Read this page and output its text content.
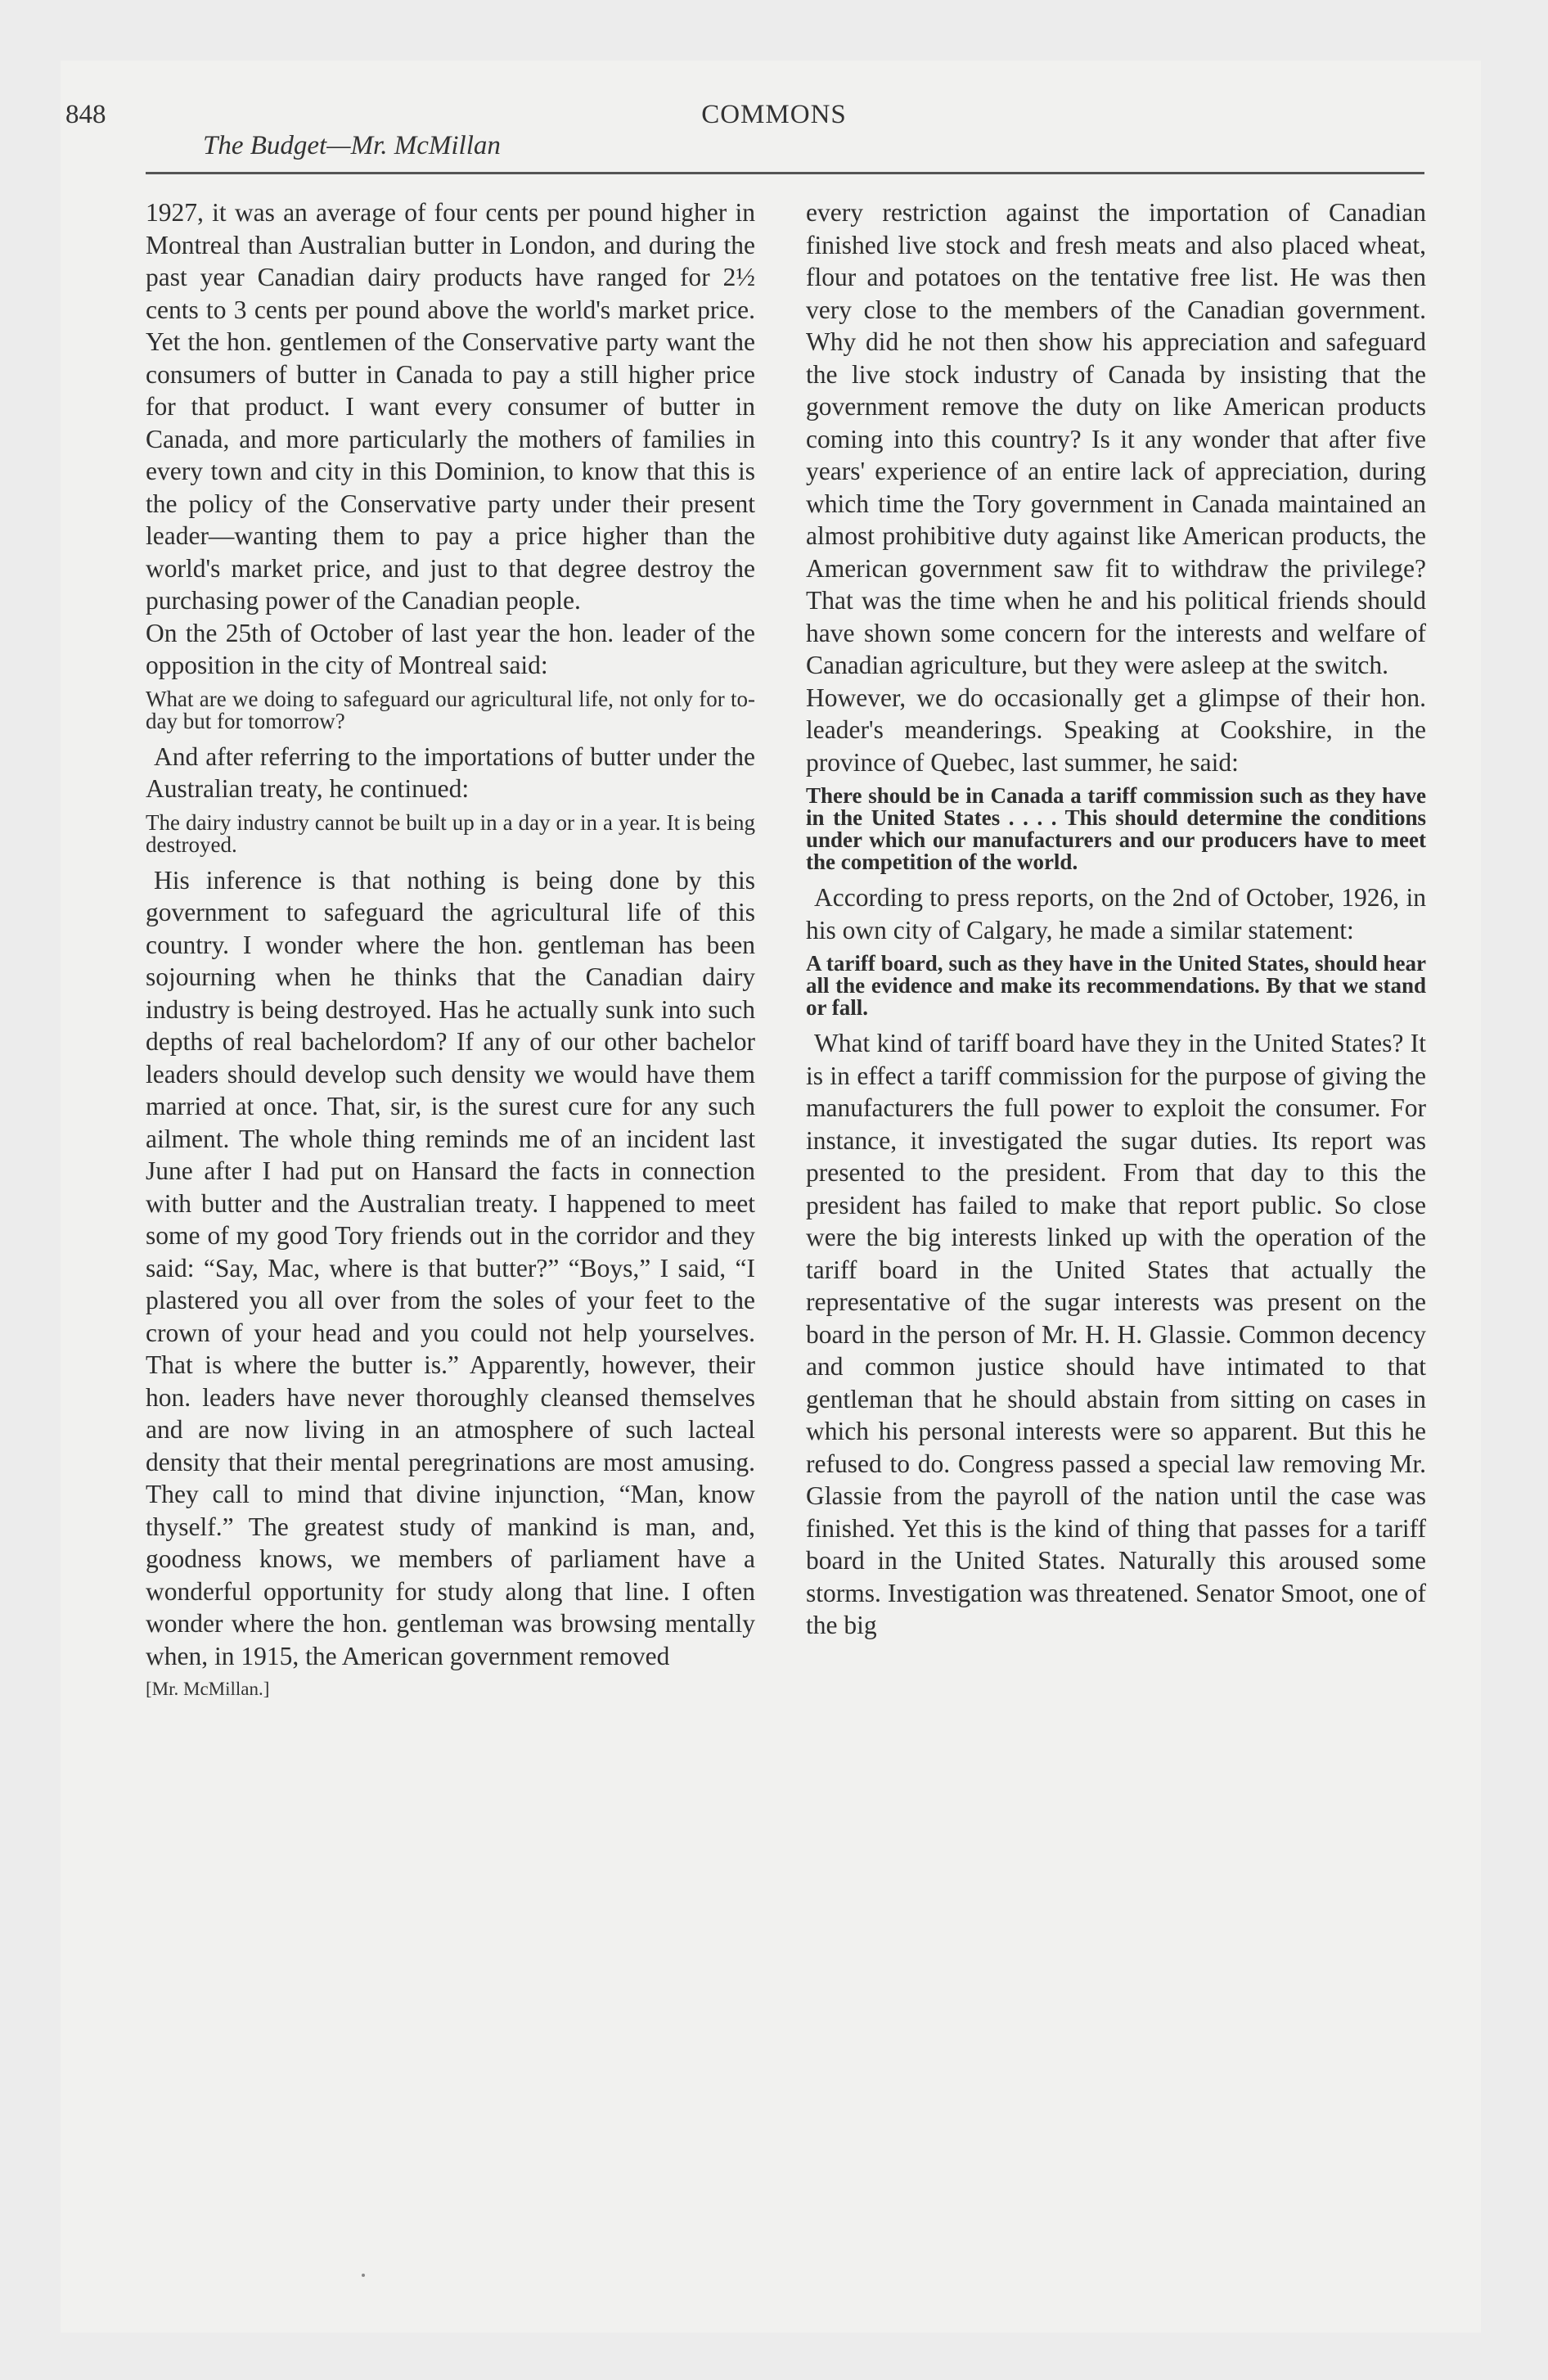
848	COMMONS
The Budget—Mr. McMillan

1927, it was an average of four cents per pound higher in Montreal than Australian butter in London, and during the past year Canadian dairy products have ranged for 2½ cents to 3 cents per pound above the world's market price. Yet the hon. gentlemen of the Conservative party want the consumers of butter in Canada to pay a still higher price for that product. I want every consumer of butter in Canada, and more particularly the mothers of families in every town and city in this Dominion, to know that this is the policy of the Conservative party under their present leader—wanting them to pay a price higher than the world's market price, and just to that degree destroy the purchasing power of the Canadian people.

On the 25th of October of last year the hon. leader of the opposition in the city of Montreal said:

What are we doing to safeguard our agricultural life, not only for to-day but for tomorrow?

And after referring to the importations of butter under the Australian treaty, he continued:

The dairy industry cannot be built up in a day or in a year. It is being destroyed.

His inference is that nothing is being done by this government to safeguard the agricultural life of this country. I wonder where the hon. gentleman has been sojourning when he thinks that the Canadian dairy industry is being destroyed. Has he actually sunk into such depths of real bachelordom? If any of our other bachelor leaders should develop such density we would have them married at once. That, sir, is the surest cure for any such ailment. The whole thing reminds me of an incident last June after I had put on Hansard the facts in connection with butter and the Australian treaty. I happened to meet some of my good Tory friends out in the corridor and they said: “Say, Mac, where is that butter?” “Boys,” I said, “I plastered you all over from the soles of your feet to the crown of your head and you could not help yourselves. That is where the butter is.” Apparently, however, their hon. leaders have never thoroughly cleansed themselves and are now living in an atmosphere of such lacteal density that their mental peregrinations are most amusing. They call to mind that divine injunction, “Man, know thyself.” The greatest study of mankind is man, and, goodness knows, we members of parliament have a wonderful opportunity for study along that line. I often wonder where the hon. gentleman was browsing mentally when, in 1915, the American government removed

[Mr. McMillan.]

every restriction against the importation of Canadian finished live stock and fresh meats and also placed wheat, flour and potatoes on the tentative free list. He was then very close to the members of the Canadian government. Why did he not then show his appreciation and safeguard the live stock industry of Canada by insisting that the government remove the duty on like American products coming into this country? Is it any wonder that after five years' experience of an entire lack of appreciation, during which time the Tory government in Canada maintained an almost prohibitive duty against like American products, the American government saw fit to withdraw the privilege? That was the time when he and his political friends should have shown some concern for the interests and welfare of Canadian agriculture, but they were asleep at the switch.

However, we do occasionally get a glimpse of their hon. leader's meanderings. Speaking at Cookshire, in the province of Quebec, last summer, he said:

There should be in Canada a tariff commission such as they have in the United States . . . . This should determine the conditions under which our manufacturers and our producers have to meet the competition of the world.

According to press reports, on the 2nd of October, 1926, in his own city of Calgary, he made a similar statement:

A tariff board, such as they have in the United States, should hear all the evidence and make its recommendations. By that we stand or fall.

What kind of tariff board have they in the United States? It is in effect a tariff commission for the purpose of giving the manufacturers the full power to exploit the consumer. For instance, it investigated the sugar duties. Its report was presented to the president. From that day to this the president has failed to make that report public. So close were the big interests linked up with the operation of the tariff board in the United States that actually the representative of the sugar interests was present on the board in the person of Mr. H. H. Glassie. Common decency and common justice should have intimated to that gentleman that he should abstain from sitting on cases in which his personal interests were so apparent. But this he refused to do. Congress passed a special law removing Mr. Glassie from the payroll of the nation until the case was finished. Yet this is the kind of thing that passes for a tariff board in the United States. Naturally this aroused some storms. Investigation was threatened. Senator Smoot, one of the big
